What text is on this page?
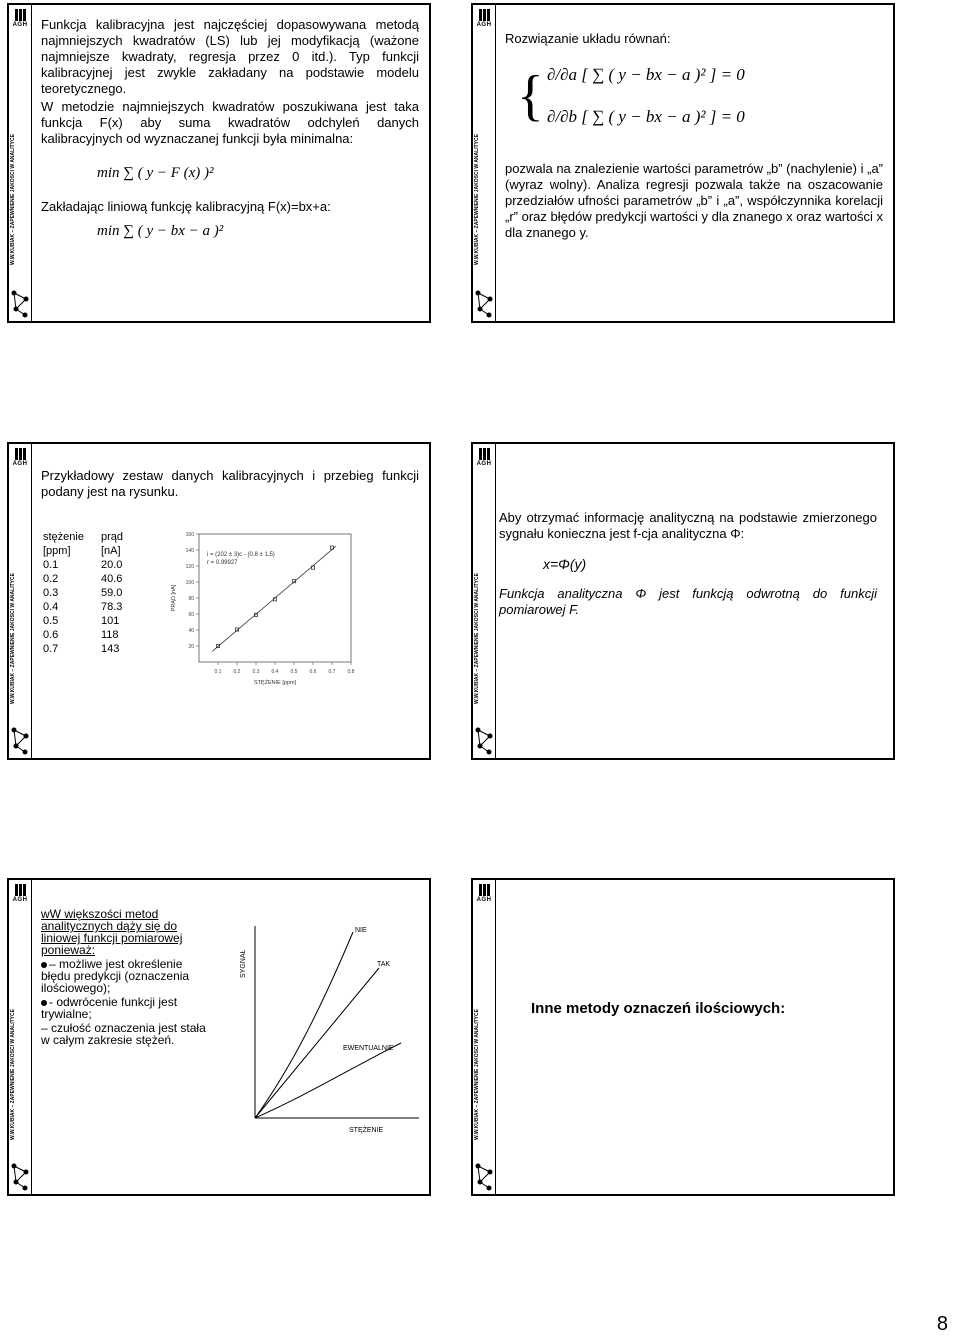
AGH
W.W.KUBIAK – ZAPEWNIENIE JAKOŚCI W ANALITYCE

Funkcja kalibracyjna jest najczęściej dopasowywana metodą najmniejszych kwadratów (LS) lub jej modyfikacją (ważone najmniejsze kwadraty, regresja przez 0 itd.). Typ funkcji kalibracyjnej jest zwykle zakładany na podstawie modelu teoretycznego.

W metodzie najmniejszych kwadratów poszukiwana jest taka funkcja F(x) aby suma kwadratów odchyleń danych kalibracyjnych od wyznaczanej funkcji była minimalna:

min ∑ ( y − F (x) )²

Zakładając liniową funkcję kalibracyjną F(x)=bx+a:

min ∑ ( y − bx − a )²
AGH
W.W.KUBIAK – ZAPEWNIENIE JAKOŚCI W ANALITYCE
Rozwiązanie układu równań:
{ ∂/∂a [ ∑ ( y − bx − a )² ] = 0
∂/∂b [ ∑ ( y − bx − a )² ] = 0

pozwala na znalezienie wartości parametrów „b” (nachylenie) i „a” (wyraz wolny). Analiza regresji pozwala także na oszacowanie przedziałów ufności parametrów „b” i „a”, współczynnika korelacji „r” oraz błędów predykcji wartości y dla znanego x oraz wartości x dla znanego y.

AGH
W.W.KUBIAK – ZAPEWNIENIE JAKOŚCI W ANALITYCE

Przykładowy zestaw danych kalibracyjnych i przebieg funkcji podany jest na rysunku.

stężenie	prąd
[ppm]	[nA]
0.1	20.0
0.2	40.6
0.3	59.0
0.4	78.3
0.5	101
0.6	118
0.7	143
0.1 0.2 0.3 0.4 0.5 0.6 0.7 0.8
20
40
60
80
100
120
140
160
i = (202 ± 3)c - (0.8 ± 1.5)
r = 0.99927
STĘŻENIE [ppm]
PRĄD [nA]
AGH
W.W.KUBIAK – ZAPEWNIENIE JAKOŚCI W ANALITYCE

Aby otrzymać informację analityczną na podstawie zmierzonego sygnału konieczna jest f-cja analityczna Φ:

x=Φ(y)

Funkcja analityczna Φ jest funkcją odwrotną do funkcji pomiarowej F.

AGH
W.W.KUBIAK – ZAPEWNIENIE JAKOŚCI W ANALITYCE
wW większości metod analitycznych dąży się do liniowej funkcji pomiarowej ponieważ:
– możliwe jest określenie błędu predykcji (oznaczenia ilościowego);
- odwrócenie funkcji jest trywialne;
– czułość oznaczenia jest stała w całym zakresie stężeń.
SYGNAŁ
STĘŻENIE
NIE
TAK
EWENTUALNIE
AGH
W.W.KUBIAK – ZAPEWNIENIE JAKOŚCI W ANALITYCE
Inne metody oznaczeń ilościowych:
8
